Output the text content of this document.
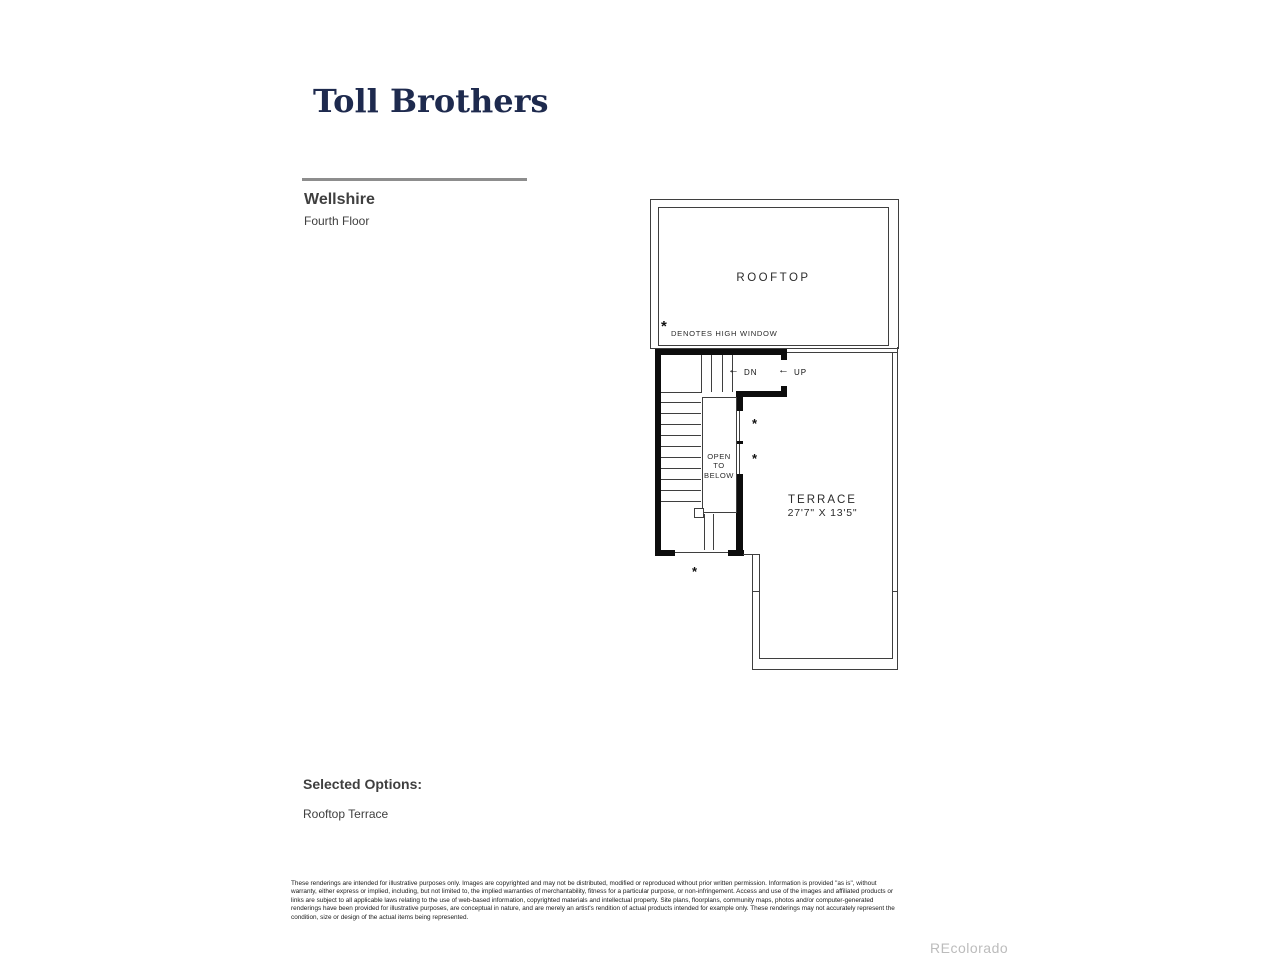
Toll Brothers
Wellshire
Fourth Floor
ROOFTOP
* DENOTES HIGH WINDOW
OPEN
TO
BELOW
← DN ← UP
*
*
*
TERRACE
27'7" X 13'5"
Selected Options:
Rooftop Terrace
These renderings are intended for illustrative purposes only. Images are copyrighted and may not be distributed, modified or reproduced without prior written permission. Information is provided "as is", without
warranty, either express or implied, including, but not limited to, the implied warranties of merchantability, fitness for a particular purpose, or non-infringement. Access and use of the images and affiliated products or
links are subject to all applicable laws relating to the use of web-based information, copyrighted materials and intellectual property. Site plans, floorplans, community maps, photos and/or computer-generated
renderings have been provided for illustrative purposes, are conceptual in nature, and are merely an artist's rendition of actual products intended for example only. These renderings may not accurately represent the
condition, size or design of the actual items being represented.
REcolorado
